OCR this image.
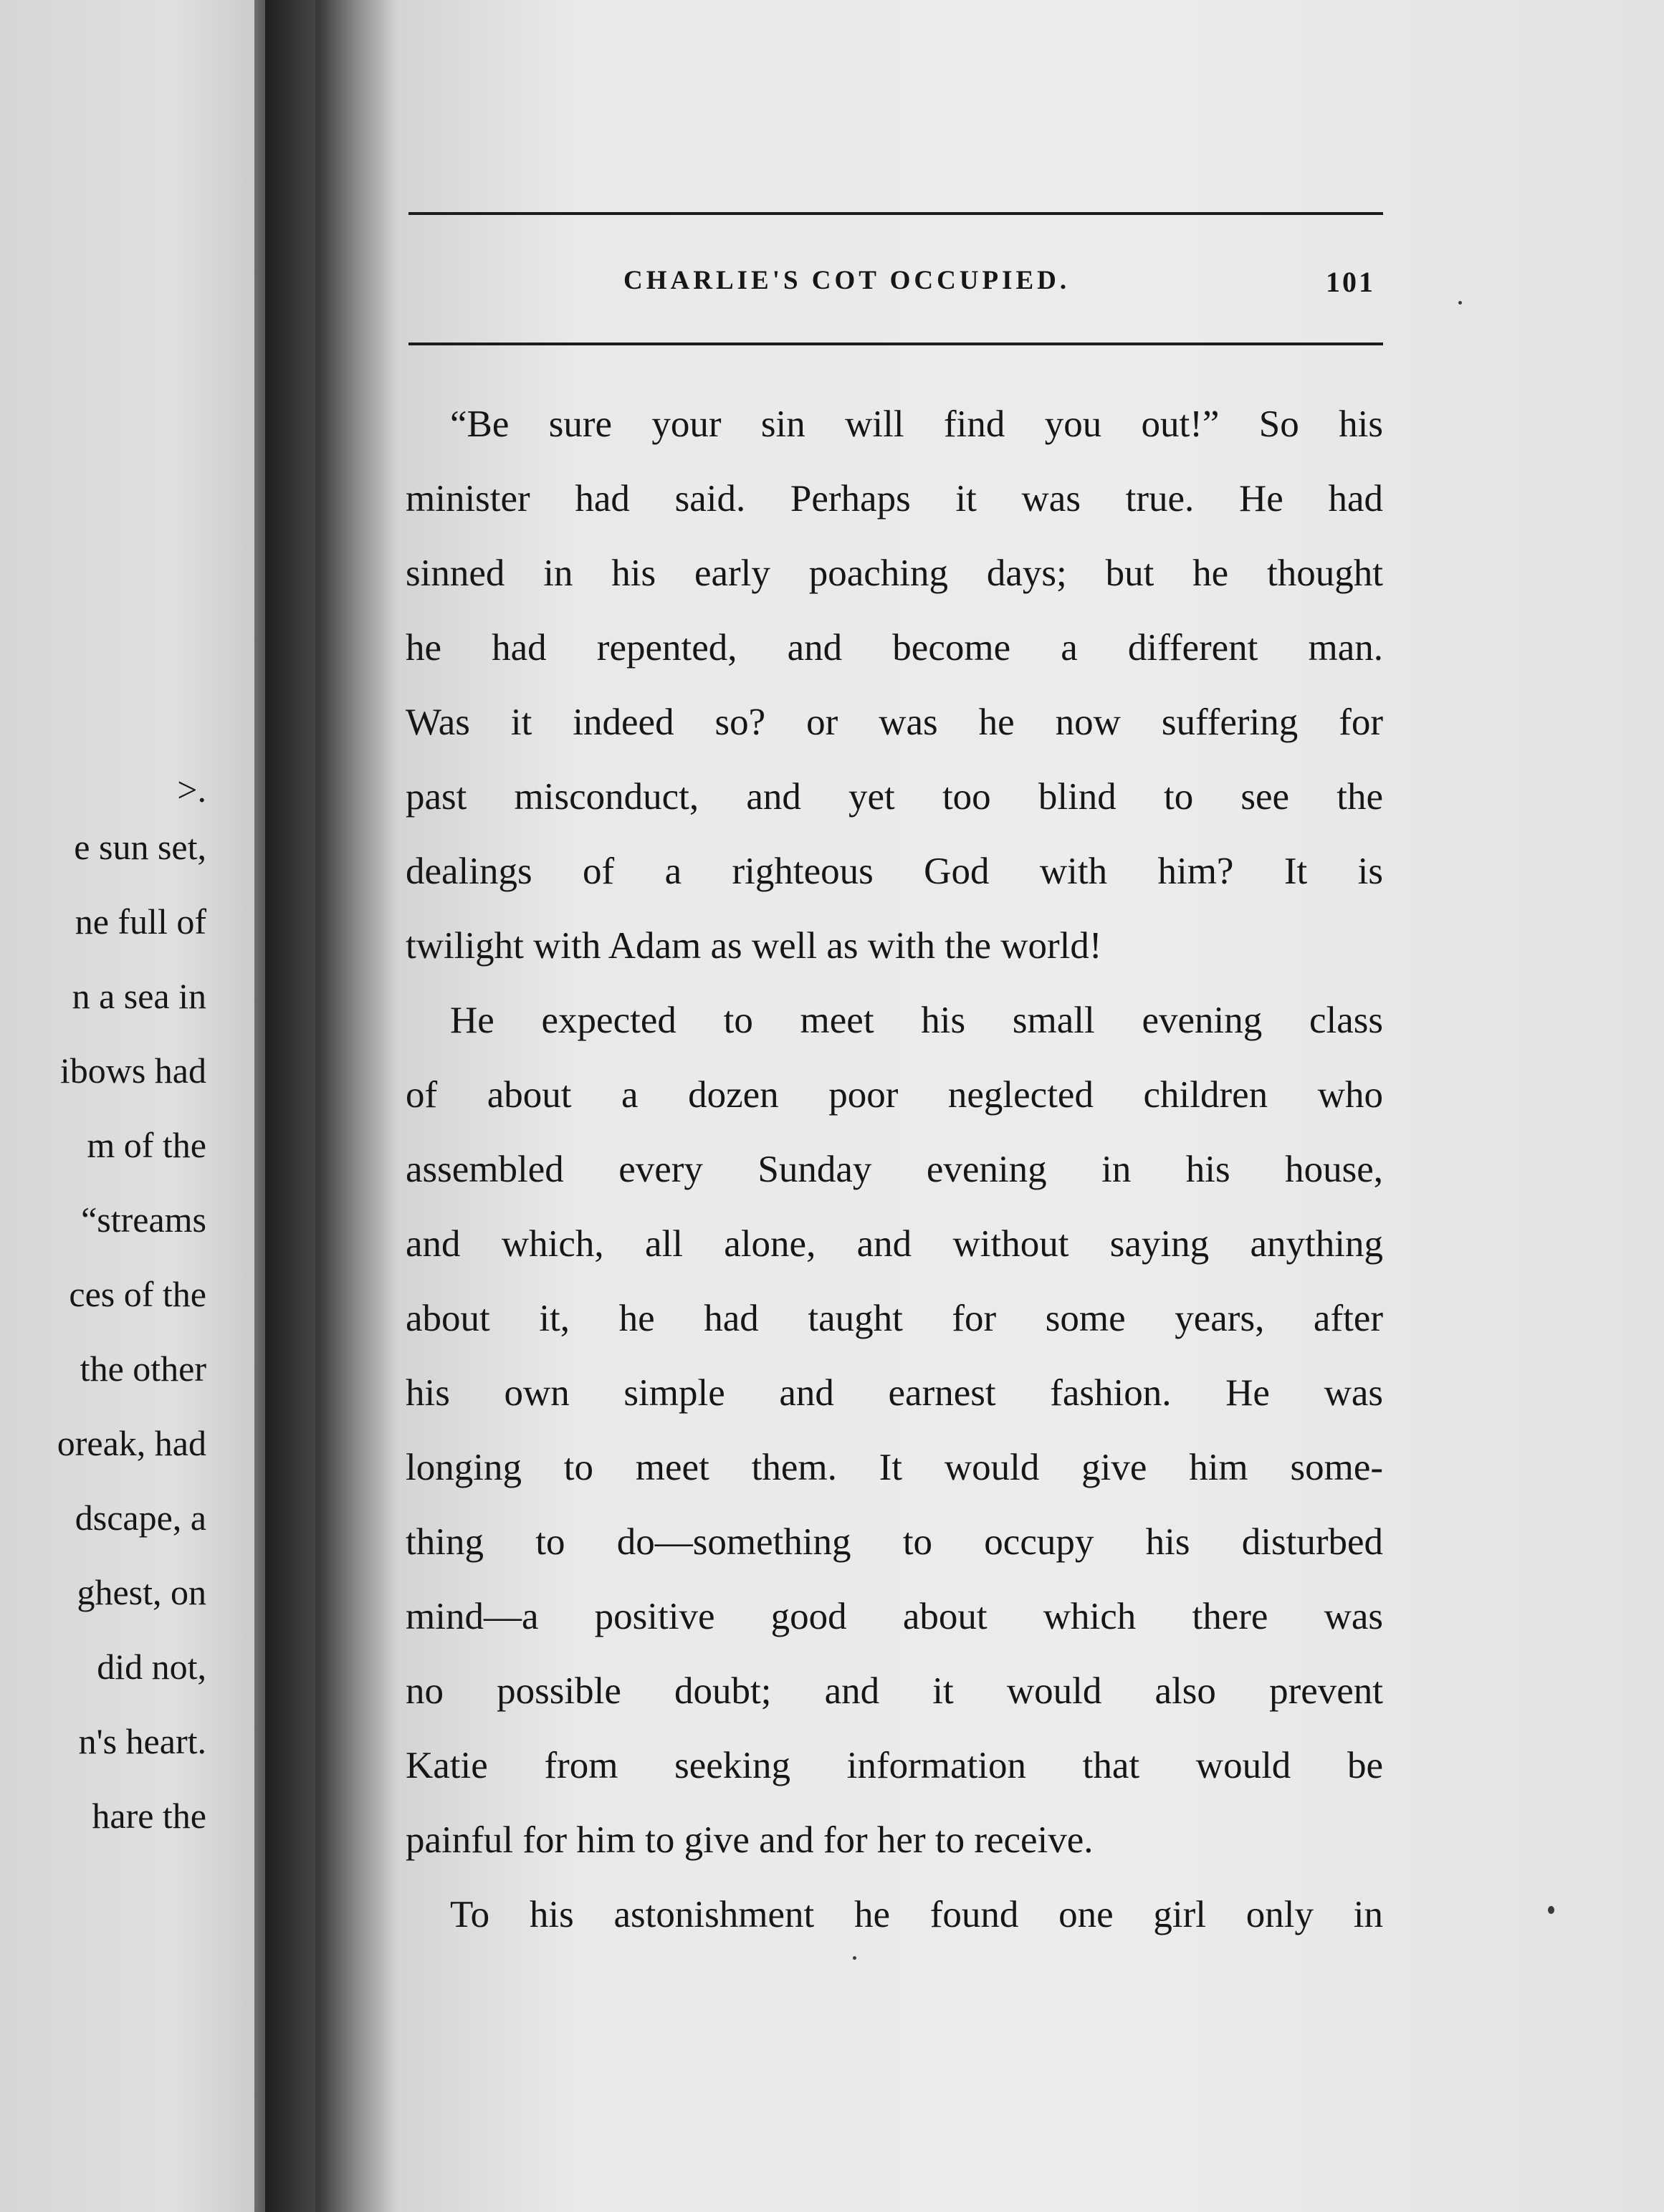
>.
e sun set,
ne full of
n a sea in
ibows had
m of the
“streams
ces of the
the other
oreak, had
dscape, a
ghest, on
did not,
n's heart.
hare the
CHARLIE'S COT OCCUPIED.	101
“Be sure your sin will find you out!” So his
minister had said. Perhaps it was true. He had
sinned in his early poaching days; but he thought
he had repented, and become a different man.
Was it indeed so? or was he now suffering for
past misconduct, and yet too blind to see the
dealings of a righteous God with him? It is
twilight with Adam as well as with the world!
He expected to meet his small evening class
of about a dozen poor neglected children who
assembled every Sunday evening in his house,
and which, all alone, and without saying anything
about it, he had taught for some years, after
his own simple and earnest fashion. He was
longing to meet them. It would give him some-
thing to do—something to occupy his disturbed
mind—a positive good about which there was
no possible doubt; and it would also prevent
Katie from seeking information that would be
painful for him to give and for her to receive.
To his astonishment he found one girl only in
